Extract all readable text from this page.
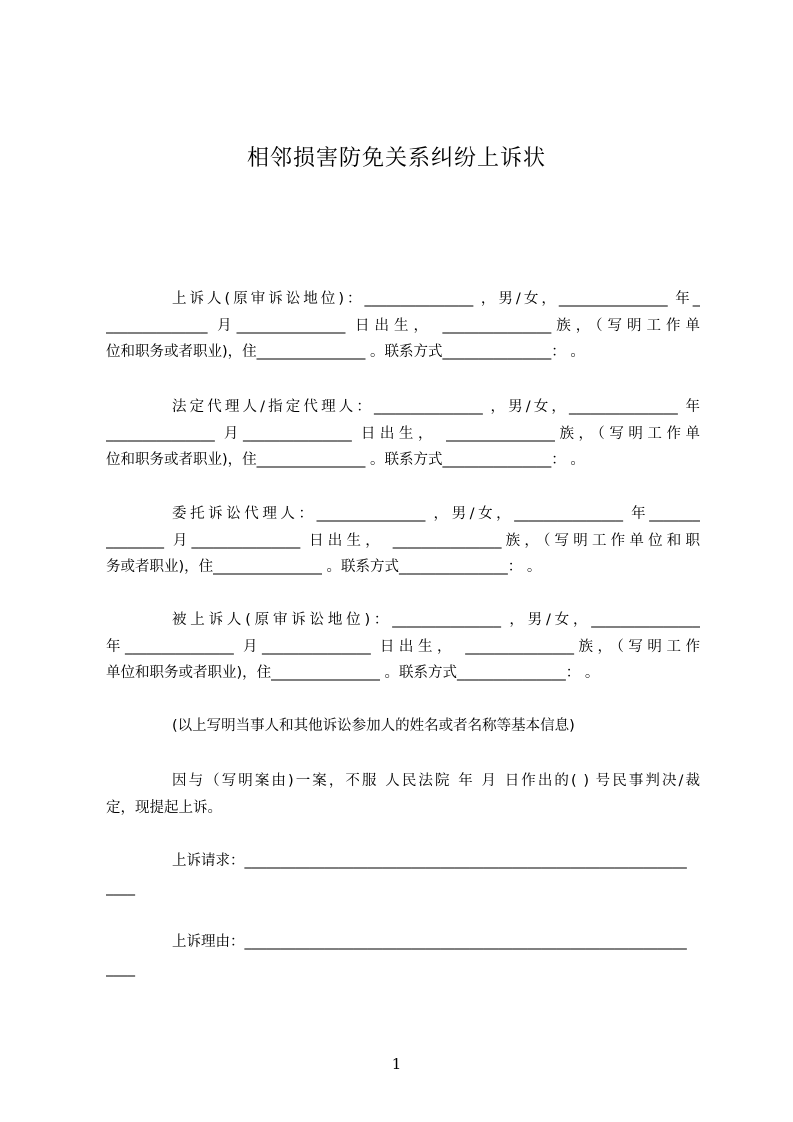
相邻损害防免关系纠纷上诉状
上诉人(原审诉讼地位)：_______________ ，男/女，_______________ 年_
______________ 月_______________ 日出生， _______________族，（写明工作单
位和职务或者职业)，住_______________ 。联系方式_______________： 。
法定代理人/指定代理人：_______________ ，男/女，_______________ 年
_______________ 月_______________ 日出生， _______________族，（写明工作单
位和职务或者职业)，住_______________ 。联系方式_______________： 。
委托诉讼代理人：_______________ ，男/女，_______________ 年_______
________ 月_______________ 日出生， _______________族，（写明工作单位和职
务或者职业)，住_______________ 。联系方式_______________： 。
被上诉人(原审诉讼地位)：_______________ ，男/女，_______________
年_______________ 月_______________ 日出生， _______________族，（写明工作
单位和职务或者职业)，住_______________ 。联系方式_______________： 。
(以上写明当事人和其他诉讼参加人的姓名或者名称等基本信息)
因与（写明案由)一案，不服 人民法院 年 月 日作出的( ) 号民事判决/裁
定，现提起上诉。
上诉请求：_____________________________________________________________
____
上诉理由：_____________________________________________________________
____
1
